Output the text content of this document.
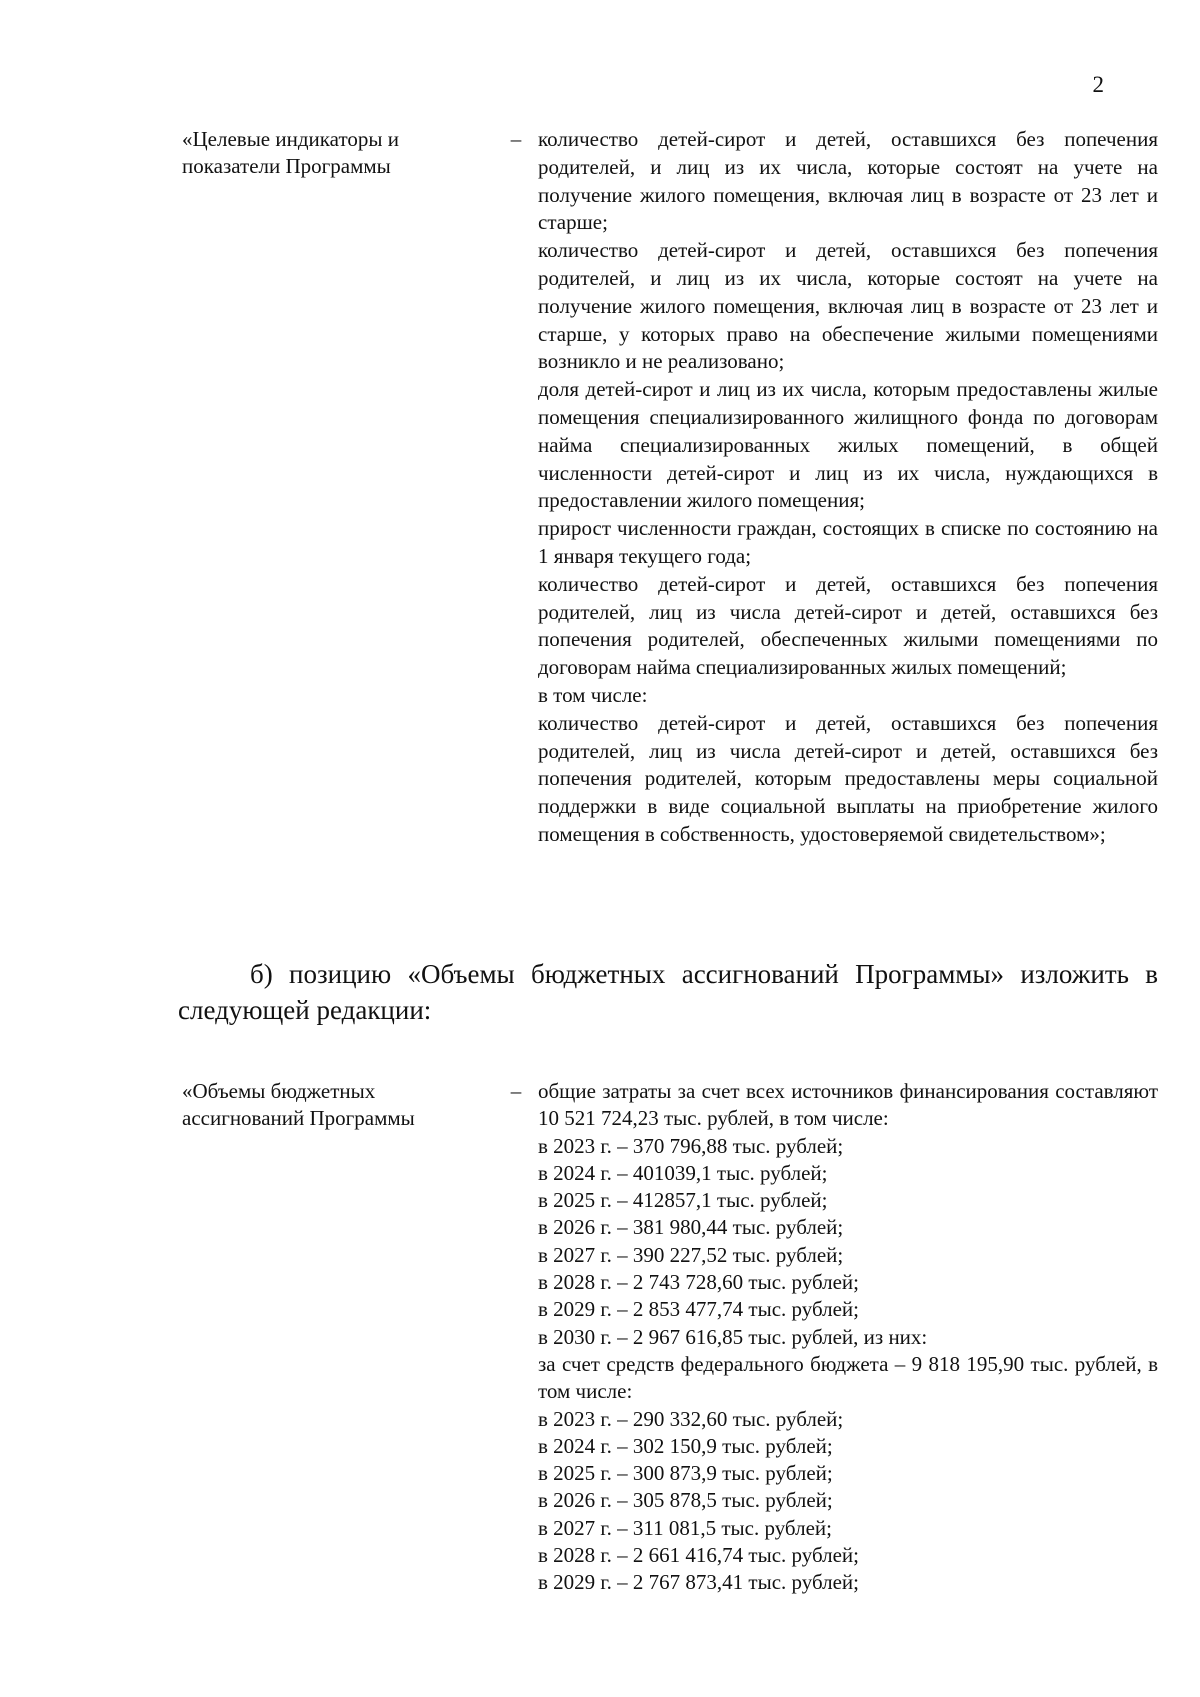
2
«Целевые индикаторы и показатели Программы
– количество детей-сирот и детей, оставшихся без попечения родителей, и лиц из их числа, которые состоят на учете на получение жилого помещения, включая лиц в возрасте от 23 лет и старше;

количество детей-сирот и детей, оставшихся без попечения родителей, и лиц из их числа, которые состоят на учете на получение жилого помещения, включая лиц в возрасте от 23 лет и старше, у которых право на обеспечение жилыми помещениями возникло и не реализовано;

доля детей-сирот и лиц из их числа, которым предоставлены жилые помещения специализированного жилищного фонда по договорам найма специализированных жилых помещений, в общей численности детей-сирот и лиц из их числа, нуждающихся в предоставлении жилого помещения;

прирост численности граждан, состоящих в списке по состоянию на 1 января текущего года;

количество детей-сирот и детей, оставшихся без попечения родителей, лиц из числа детей-сирот и детей, оставшихся без попечения родителей, обеспеченных жилыми помещениями по договорам найма специализированных жилых помещений;

в том числе:

количество детей-сирот и детей, оставшихся без попечения родителей, лиц из числа детей-сирот и детей, оставшихся без попечения родителей, которым предоставлены меры социальной поддержки в виде социальной выплаты на приобретение жилого помещения в собственность, удостоверяемой свидетельством»;

б) позицию «Объемы бюджетных ассигнований Программы» изложить в следующей редакции:

«Объемы бюджетных ассигнований Программы
– общие затраты за счет всех источников финансирования составляют 10 521 724,23 тыс. рублей, в том числе:

в 2023 г. – 370 796,88 тыс. рублей;

в 2024 г. – 401039,1 тыс. рублей;

в 2025 г. – 412857,1 тыс. рублей;

в 2026 г. – 381 980,44 тыс. рублей;

в 2027 г. – 390 227,52 тыс. рублей;

в 2028 г. – 2 743 728,60 тыс. рублей;

в 2029 г. – 2 853 477,74 тыс. рублей;

в 2030 г. – 2 967 616,85 тыс. рублей, из них:

за счет средств федерального бюджета – 9 818 195,90 тыс. рублей, в том числе:

в 2023 г. – 290 332,60 тыс. рублей;

в 2024 г. – 302 150,9 тыс. рублей;

в 2025 г. – 300 873,9 тыс. рублей;

в 2026 г. – 305 878,5 тыс. рублей;

в 2027 г. – 311 081,5 тыс. рублей;

в 2028 г. – 2 661 416,74 тыс. рублей;

в 2029 г. – 2 767 873,41 тыс. рублей;
